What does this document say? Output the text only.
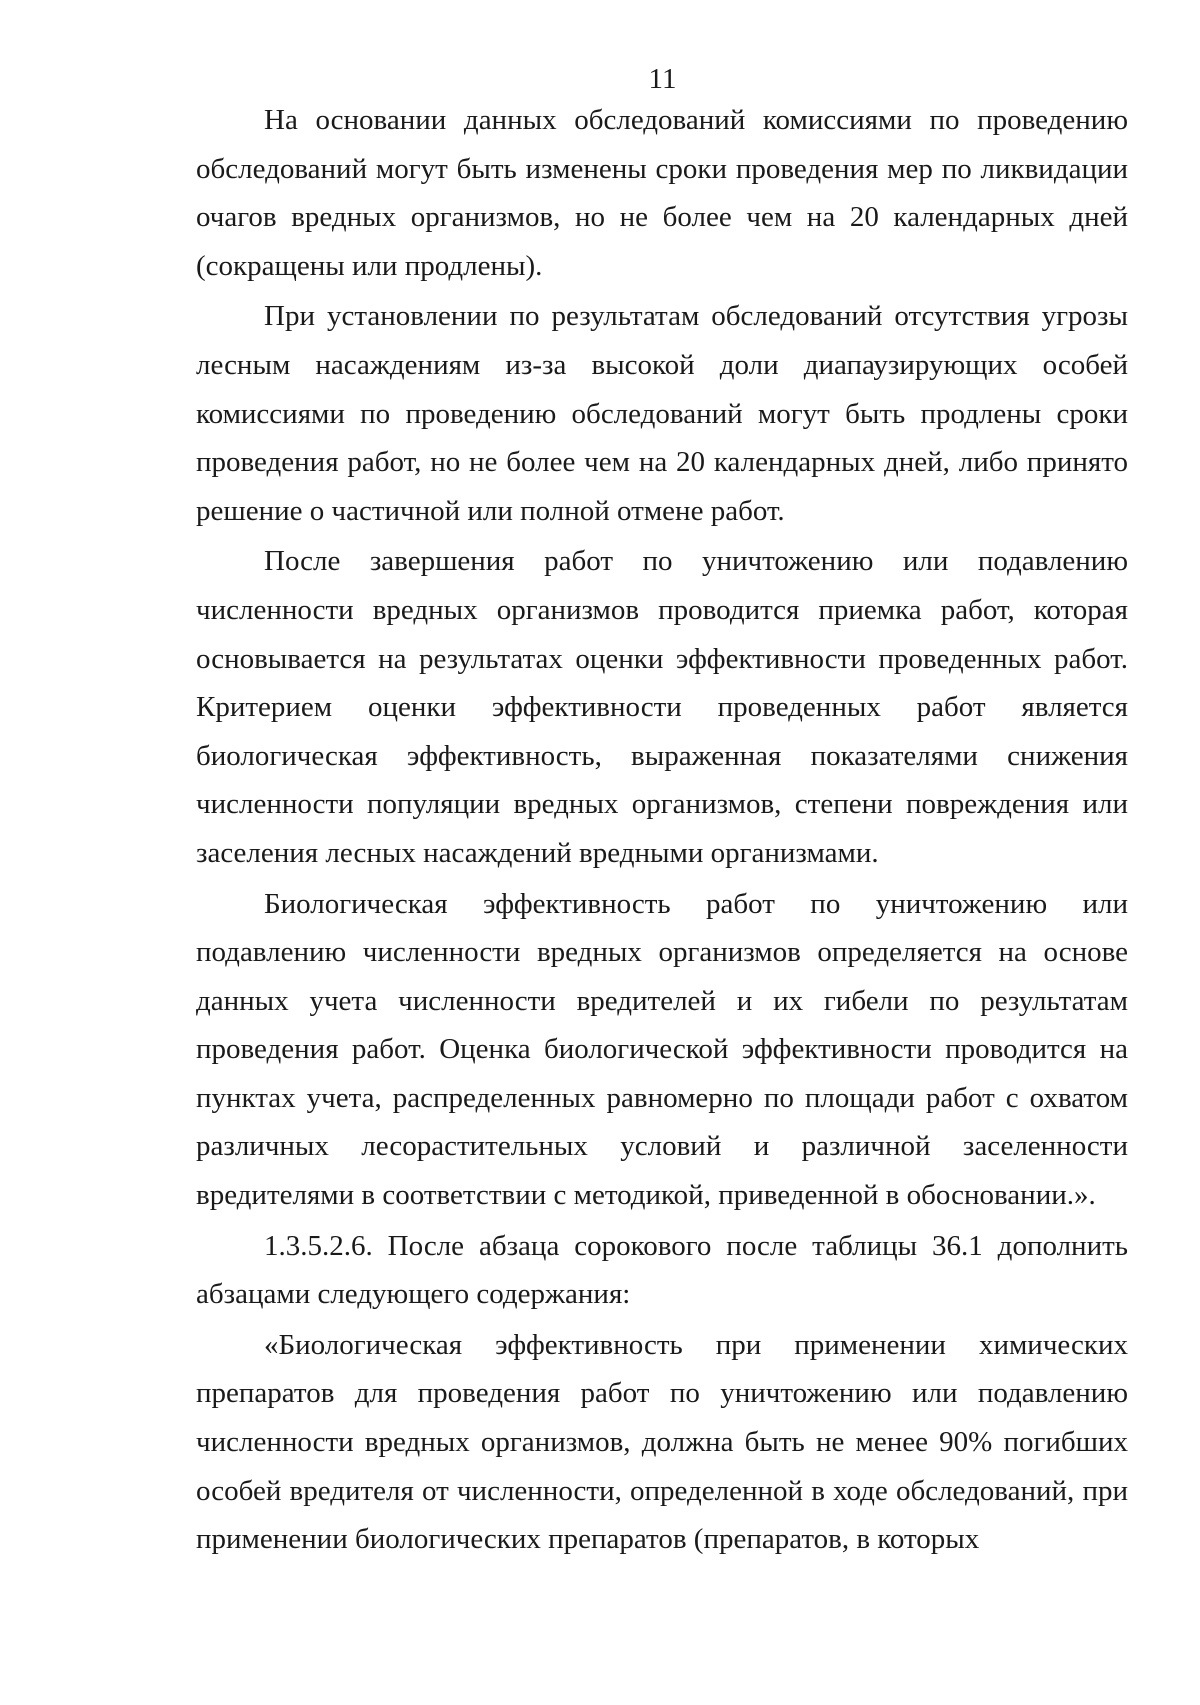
11

На основании данных обследований комиссиями по проведению обследований могут быть изменены сроки проведения мер по ликвидации очагов вредных организмов, но не более чем на 20 календарных дней (сокращены или продлены).

При установлении по результатам обследований отсутствия угрозы лесным насаждениям из-за высокой доли диапаузирующих особей комиссиями по проведению обследований могут быть продлены сроки проведения работ, но не более чем на 20 календарных дней, либо принято решение о частичной или полной отмене работ.

После завершения работ по уничтожению или подавлению численности вредных организмов проводится приемка работ, которая основывается на результатах оценки эффективности проведенных работ. Критерием оценки эффективности проведенных работ является биологическая эффективность, выраженная показателями снижения численности популяции вредных организмов, степени повреждения или заселения лесных насаждений вредными организмами.

Биологическая эффективность работ по уничтожению или подавлению численности вредных организмов определяется на основе данных учета численности вредителей и их гибели по результатам проведения работ. Оценка биологической эффективности проводится на пунктах учета, распределенных равномерно по площади работ с охватом различных лесорастительных условий и различной заселенности вредителями в соответствии с методикой, приведенной в обосновании.».

1.3.5.2.6. После абзаца сорокового после таблицы 36.1 дополнить абзацами следующего содержания:

«Биологическая эффективность при применении химических препаратов для проведения работ по уничтожению или подавлению численности вредных организмов, должна быть не менее 90% погибших особей вредителя от численности, определенной в ходе обследований, при применении биологических препаратов (препаратов, в которых
